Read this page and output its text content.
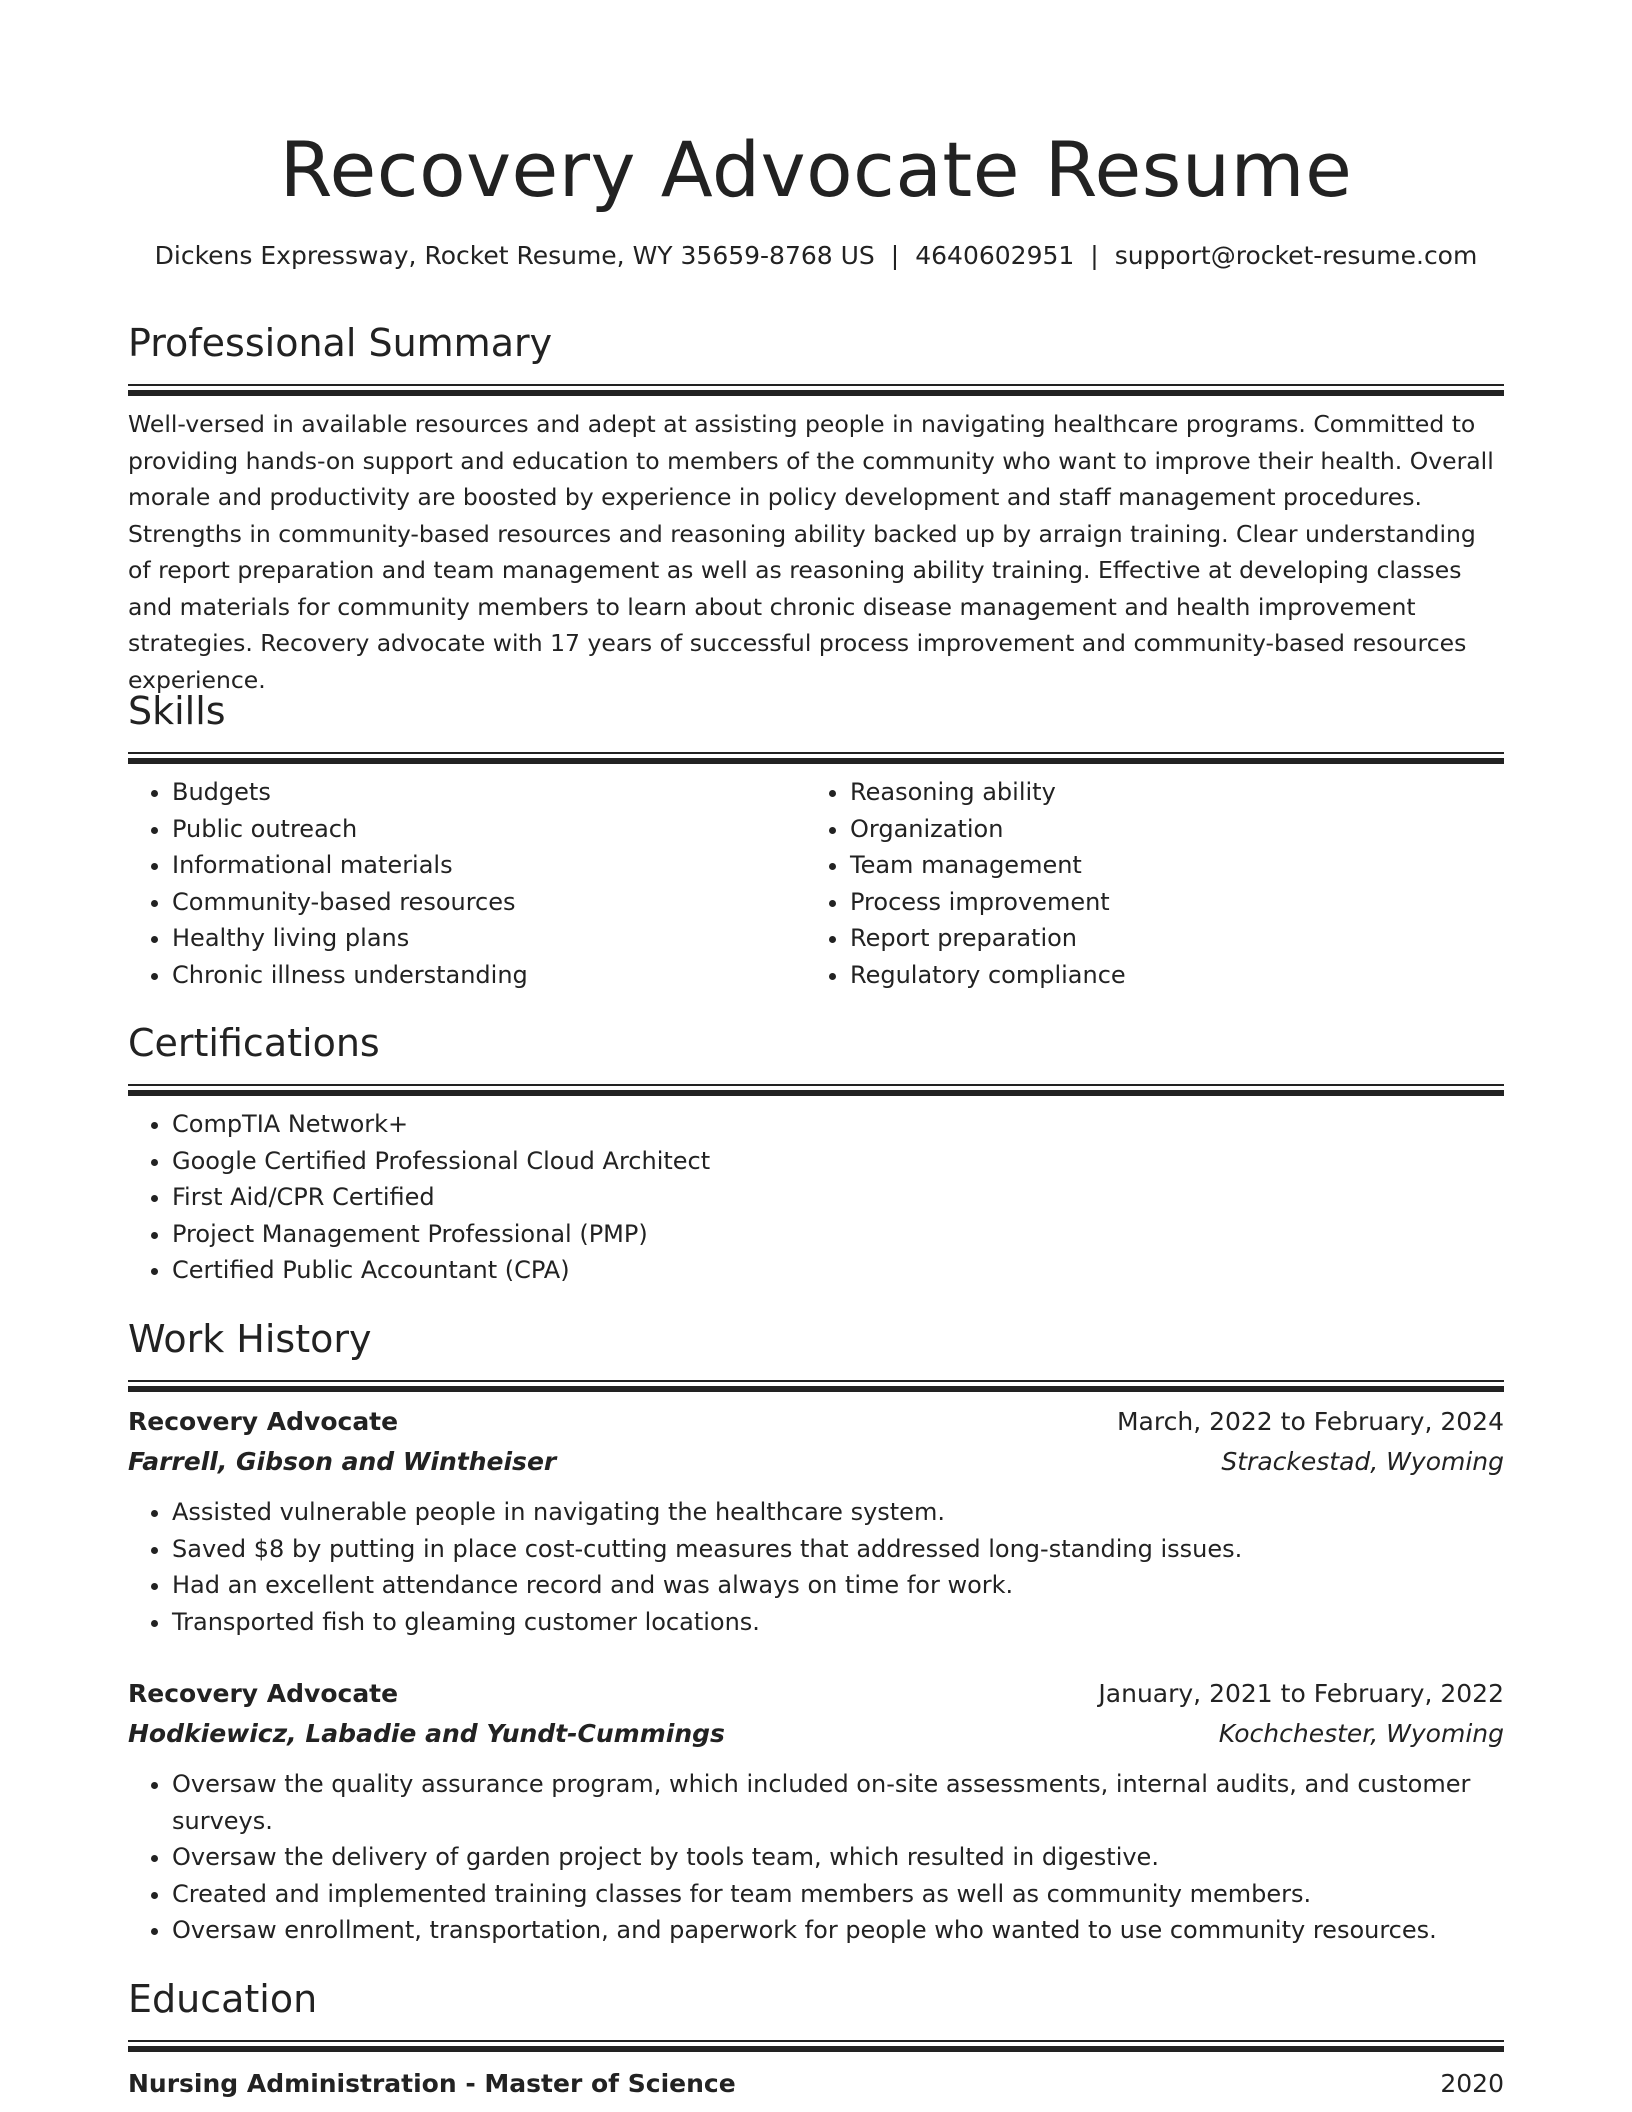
Recovery Advocate Resume
Dickens Expressway, Rocket Resume, WY 35659-8768 US | 4640602951 | support@rocket-resume.com
Professional Summary

Well-versed in available resources and adept at assisting people in navigating healthcare programs. Committed to providing hands-on support and education to members of the community who want to improve their health. Overall morale and productivity are boosted by experience in policy development and staff management procedures. Strengths in community-based resources and reasoning ability backed up by arraign training. Clear understanding of report preparation and team management as well as reasoning ability training. Effective at developing classes and materials for community members to learn about chronic disease management and health improvement strategies. Recovery advocate with 17 years of successful process improvement and community-based resources experience.

Skills
• Budgets
• Public outreach
• Informational materials
• Community-based resources
• Healthy living plans
• Chronic illness understanding
• Reasoning ability
• Organization
• Team management
• Process improvement
• Report preparation
• Regulatory compliance
Certifications
• CompTIA Network+
• Google Certified Professional Cloud Architect
• First Aid/CPR Certified
• Project Management Professional (PMP)
• Certified Public Accountant (CPA)
Work History
Recovery Advocate	March, 2022 to February, 2024
Farrell, Gibson and Wintheiser	Strackestad, Wyoming
• Assisted vulnerable people in navigating the healthcare system.
• Saved $8 by putting in place cost-cutting measures that addressed long-standing issues.
• Had an excellent attendance record and was always on time for work.
• Transported fish to gleaming customer locations.
Recovery Advocate	January, 2021 to February, 2022
Hodkiewicz, Labadie and Yundt-Cummings	Kochchester, Wyoming
• Oversaw the quality assurance program, which included on-site assessments, internal audits, and customer surveys.
• Oversaw the delivery of garden project by tools team, which resulted in digestive.
• Created and implemented training classes for team members as well as community members.
• Oversaw enrollment, transportation, and paperwork for people who wanted to use community resources.
Education
Nursing Administration - Master of Science	2020
